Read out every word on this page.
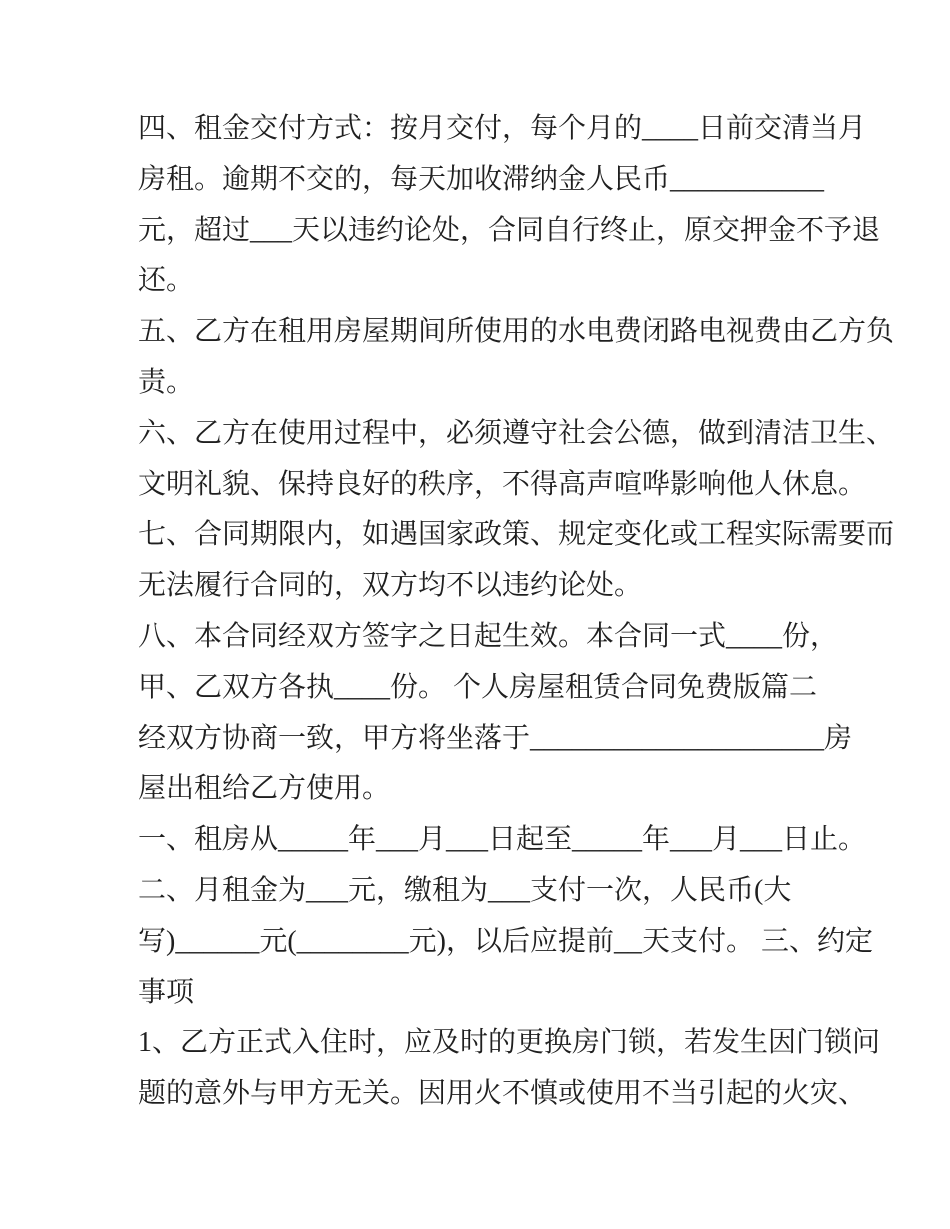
四、租金交付方式：按月交付，每个月的____日前交清当月
房租。逾期不交的，每天加收滞纳金人民币___________
元，超过___天以违约论处，合同自行终止，原交押金不予退
还。
五、乙方在租用房屋期间所使用的水电费闭路电视费由乙方负
责。
六、乙方在使用过程中，必须遵守社会公德，做到清洁卫生、
文明礼貌、保持良好的秩序，不得高声喧哗影响他人休息。
七、合同期限内，如遇国家政策、规定变化或工程实际需要而
无法履行合同的，双方均不以违约论处。
八、本合同经双方签字之日起生效。本合同一式____份，
甲、乙双方各执____份。 个人房屋租赁合同免费版篇二
经双方协商一致，甲方将坐落于_____________________房
屋出租给乙方使用。
一、租房从_____年___月___日起至_____年___月___日止。
二、月租金为___元，缴租为___支付一次，人民币(大
写)______元(________元)，以后应提前__天支付。 三、约定
事项
1、乙方正式入住时，应及时的更换房门锁，若发生因门锁问
题的意外与甲方无关。因用火不慎或使用不当引起的火灾、
